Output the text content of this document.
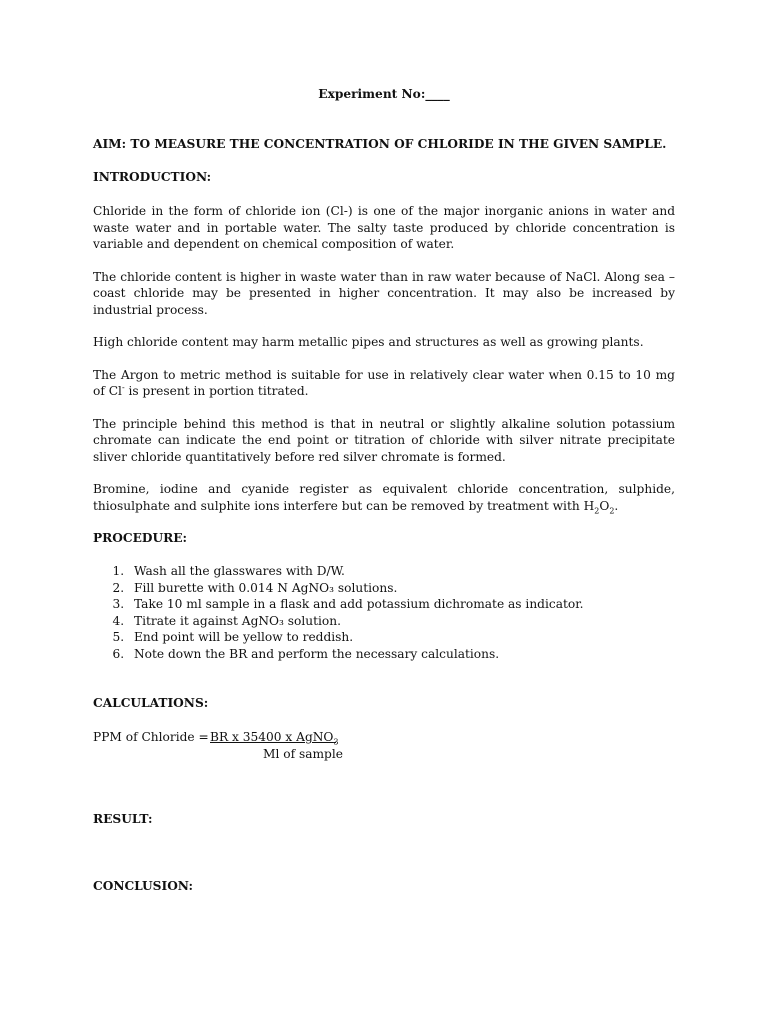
Experiment No:____
AIM: TO MEASURE THE CONCENTRATION OF CHLORIDE IN THE GIVEN SAMPLE.
INTRODUCTION:

Chloride in the form of chloride ion (Cl-) is one of the major inorganic anions in water and waste water and in portable water. The salty taste produced by chloride concentration is variable and dependent on chemical composition of water.

The chloride content is higher in waste water than in raw water because of NaCl. Along sea – coast chloride may be presented in higher concentration. It may also be increased by industrial process.

High chloride content may harm metallic pipes and structures as well as growing plants.

The Argon to metric method is suitable for use in relatively clear water when 0.15 to 10 mg of Cl- is present in portion titrated.

The principle behind this method is that in neutral or slightly alkaline solution potassium chromate can indicate the end point or titration of chloride with silver nitrate precipitate sliver chloride quantitatively before red silver chromate is formed.

Bromine, iodine and cyanide register as equivalent chloride concentration, sulphide, thiosulphate and sulphite ions interfere but can be removed by treatment with $H_2O_2$.

PROCEDURE:
1. Wash all the glasswares with D/W.
2. Fill burette with 0.014 N AgNO₃ solutions.
3. Take 10 ml sample in a flask and add potassium dichromate as indicator.
4. Titrate it against AgNO₃ solution.
5. End point will be yellow to reddish.
6. Note down the BR and perform the necessary calculations.
CALCULATIONS:
PPM of Chloride = BR x 35400 x AgNO$_3$
Ml of sample
RESULT:
CONCLUSION:
